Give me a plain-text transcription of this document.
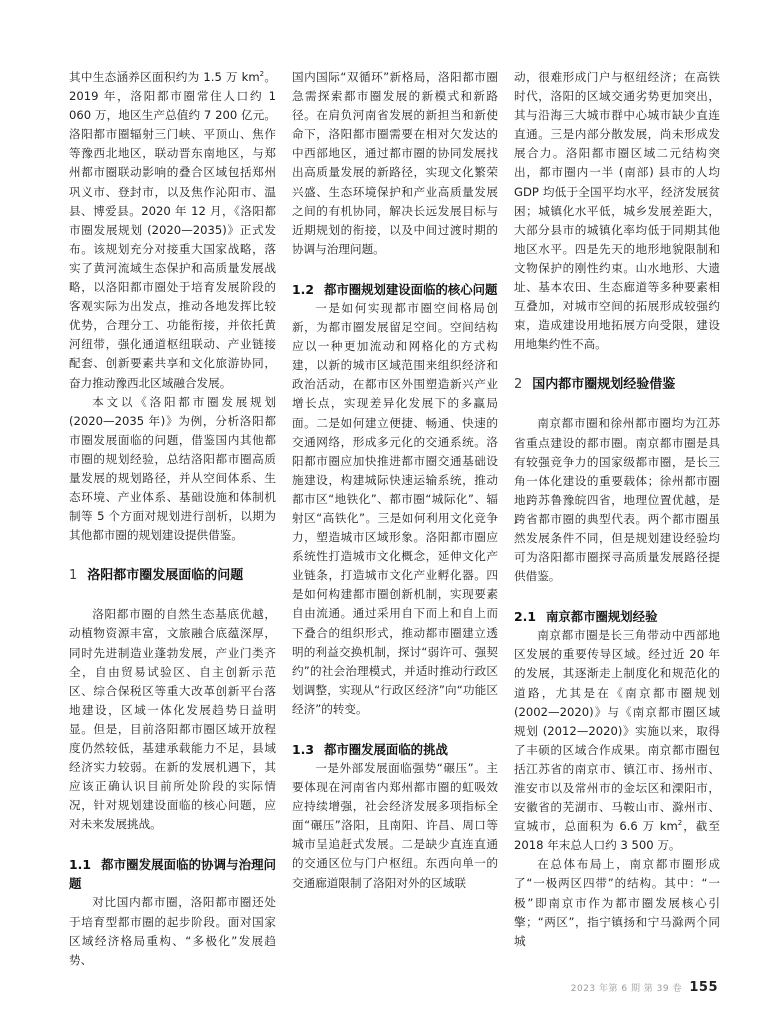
其中生态涵养区面积约为 1.5 万 $km^2$。2019 年，洛阳都市圈常住人口约 1 060 万，地区生产总值约 7 200 亿元。洛阳都市圈辐射三门峡、平顶山、焦作等豫西北地区，联动晋东南地区，与郑州都市圈联动影响的叠合区域包括郑州巩义市、登封市，以及焦作沁阳市、温县、博爱县。2020 年 12 月，《洛阳都市圈发展规划 (2020—2035)》正式发布。该规划充分对接重大国家战略，落实了黄河流域生态保护和高质量发展战略，以洛阳都市圈处于培育发展阶段的客观实际为出发点，推动各地发挥比较优势，合理分工、功能衔接，并依托黄河纽带，强化通道枢纽联动、产业链接配套、创新要素共享和文化旅游协同，奋力推动豫西北区域融合发展。

本文以《洛阳都市圈发展规划 (2020—2035 年)》为例，分析洛阳都市圈发展面临的问题，借鉴国内其他都市圈的规划经验，总结洛阳都市圈高质量发展的规划路径，并从空间体系、生态环境、产业体系、基础设施和体制机制等 5 个方面对规划进行剖析，以期为其他都市圈的规划建设提供借鉴。

1 洛阳都市圈发展面临的问题

洛阳都市圈的自然生态基底优越，动植物资源丰富，文旅融合底蕴深厚，同时先进制造业蓬勃发展，产业门类齐全，自由贸易试验区、自主创新示范区、综合保税区等重大改革创新平台落地建设，区域一体化发展趋势日益明显。但是，目前洛阳都市圈区域开放程度仍然较低，基建承载能力不足，县域经济实力较弱。在新的发展机遇下，其应该正确认识目前所处阶段的实际情况，针对规划建设面临的核心问题，应对未来发展挑战。

1.1 都市圈发展面临的协调与治理问题

对比国内都市圈，洛阳都市圈还处于培育型都市圈的起步阶段。面对国家区域经济格局重构、“多极化”发展趋势、

国内国际“双循环”新格局，洛阳都市圈急需探索都市圈发展的新模式和新路径。在肩负河南省发展的新担当和新使命下，洛阳都市圈需要在相对欠发达的中西部地区，通过都市圈的协同发展找出高质量发展的新路径，实现文化繁荣兴盛、生态环境保护和产业高质量发展之间的有机协同，解决长远发展目标与近期规划的衔接，以及中间过渡时期的协调与治理问题。

1.2 都市圈规划建设面临的核心问题

一是如何实现都市圈空间格局创新，为都市圈发展留足空间。空间结构应以一种更加流动和网格化的方式构建，以新的城市区域范围来组织经济和政治活动，在都市区外围塑造新兴产业增长点，实现差异化发展下的多赢局面。二是如何建立便捷、畅通、快速的交通网络，形成多元化的交通系统。洛阳都市圈应加快推进都市圈交通基础设施建设，构建城际快速运输系统，推动都市区“地铁化”、都市圈“城际化”、辐射区“高铁化”。三是如何利用文化竞争力，塑造城市区域形象。洛阳都市圈应系统性打造城市文化概念，延伸文化产业链条，打造城市文化产业孵化器。四是如何构建都市圈创新机制，实现要素自由流通。通过采用自下而上和自上而下叠合的组织形式，推动都市圈建立透明的利益交换机制，探讨“弱许可、强契约”的社会治理模式，并适时推动行政区划调整，实现从“行政区经济”向“功能区经济”的转变。

1.3 都市圈发展面临的挑战

一是外部发展面临强势“碾压”。主要体现在河南省内郑州都市圈的虹吸效应持续增强，社会经济发展多项指标全面“碾压”洛阳，且南阳、许昌、周口等城市呈追赶式发展。二是缺少直连直通的交通区位与门户枢纽。东西向单一的交通廊道限制了洛阳对外的区域联

动，很难形成门户与枢纽经济；在高铁时代，洛阳的区域交通劣势更加突出，其与沿海三大城市群中心城市缺少直连直通。三是内部分散发展，尚未形成发展合力。洛阳都市圈区域二元结构突出，都市圈内一半 (南部) 县市的人均 GDP 均低于全国平均水平，经济发展贫困；城镇化水平低，城乡发展差距大，大部分县市的城镇化率均低于同期其他地区水平。四是先天的地形地貌限制和文物保护的刚性约束。山水地形、大遗址、基本农田、生态廊道等多种要素相互叠加，对城市空间的拓展形成较强约束，造成建设用地拓展方向受限，建设用地集约性不高。

2 国内都市圈规划经验借鉴

南京都市圈和徐州都市圈均为江苏省重点建设的都市圈。南京都市圈是具有较强竞争力的国家级都市圈，是长三角一体化建设的重要载体；徐州都市圈地跨苏鲁豫皖四省，地理位置优越，是跨省都市圈的典型代表。两个都市圈虽然发展条件不同，但是规划建设经验均可为洛阳都市圈探寻高质量发展路径提供借鉴。

2.1 南京都市圈规划经验

南京都市圈是长三角带动中西部地区发展的重要传导区域。经过近 20 年的发展，其逐渐走上制度化和规范化的道路，尤其是在《南京都市圈规划 (2002—2020)》与《南京都市圈区域规划 (2012—2020)》实施以来，取得了丰硕的区域合作成果。南京都市圈包括江苏省的南京市、镇江市、扬州市、淮安市以及常州市的金坛区和溧阳市，安徽省的芜湖市、马鞍山市、滁州市、宣城市，总面积为 6.6 万 $km^2$，截至 2018 年末总人口约 3 500 万。

在总体布局上，南京都市圈形成了“一极两区四带”的结构。其中：“一极”即南京市作为都市圈发展核心引擎；“两区”，指宁镇扬和宁马滁两个同城

2023 年第 6 期 第 39 卷 155
